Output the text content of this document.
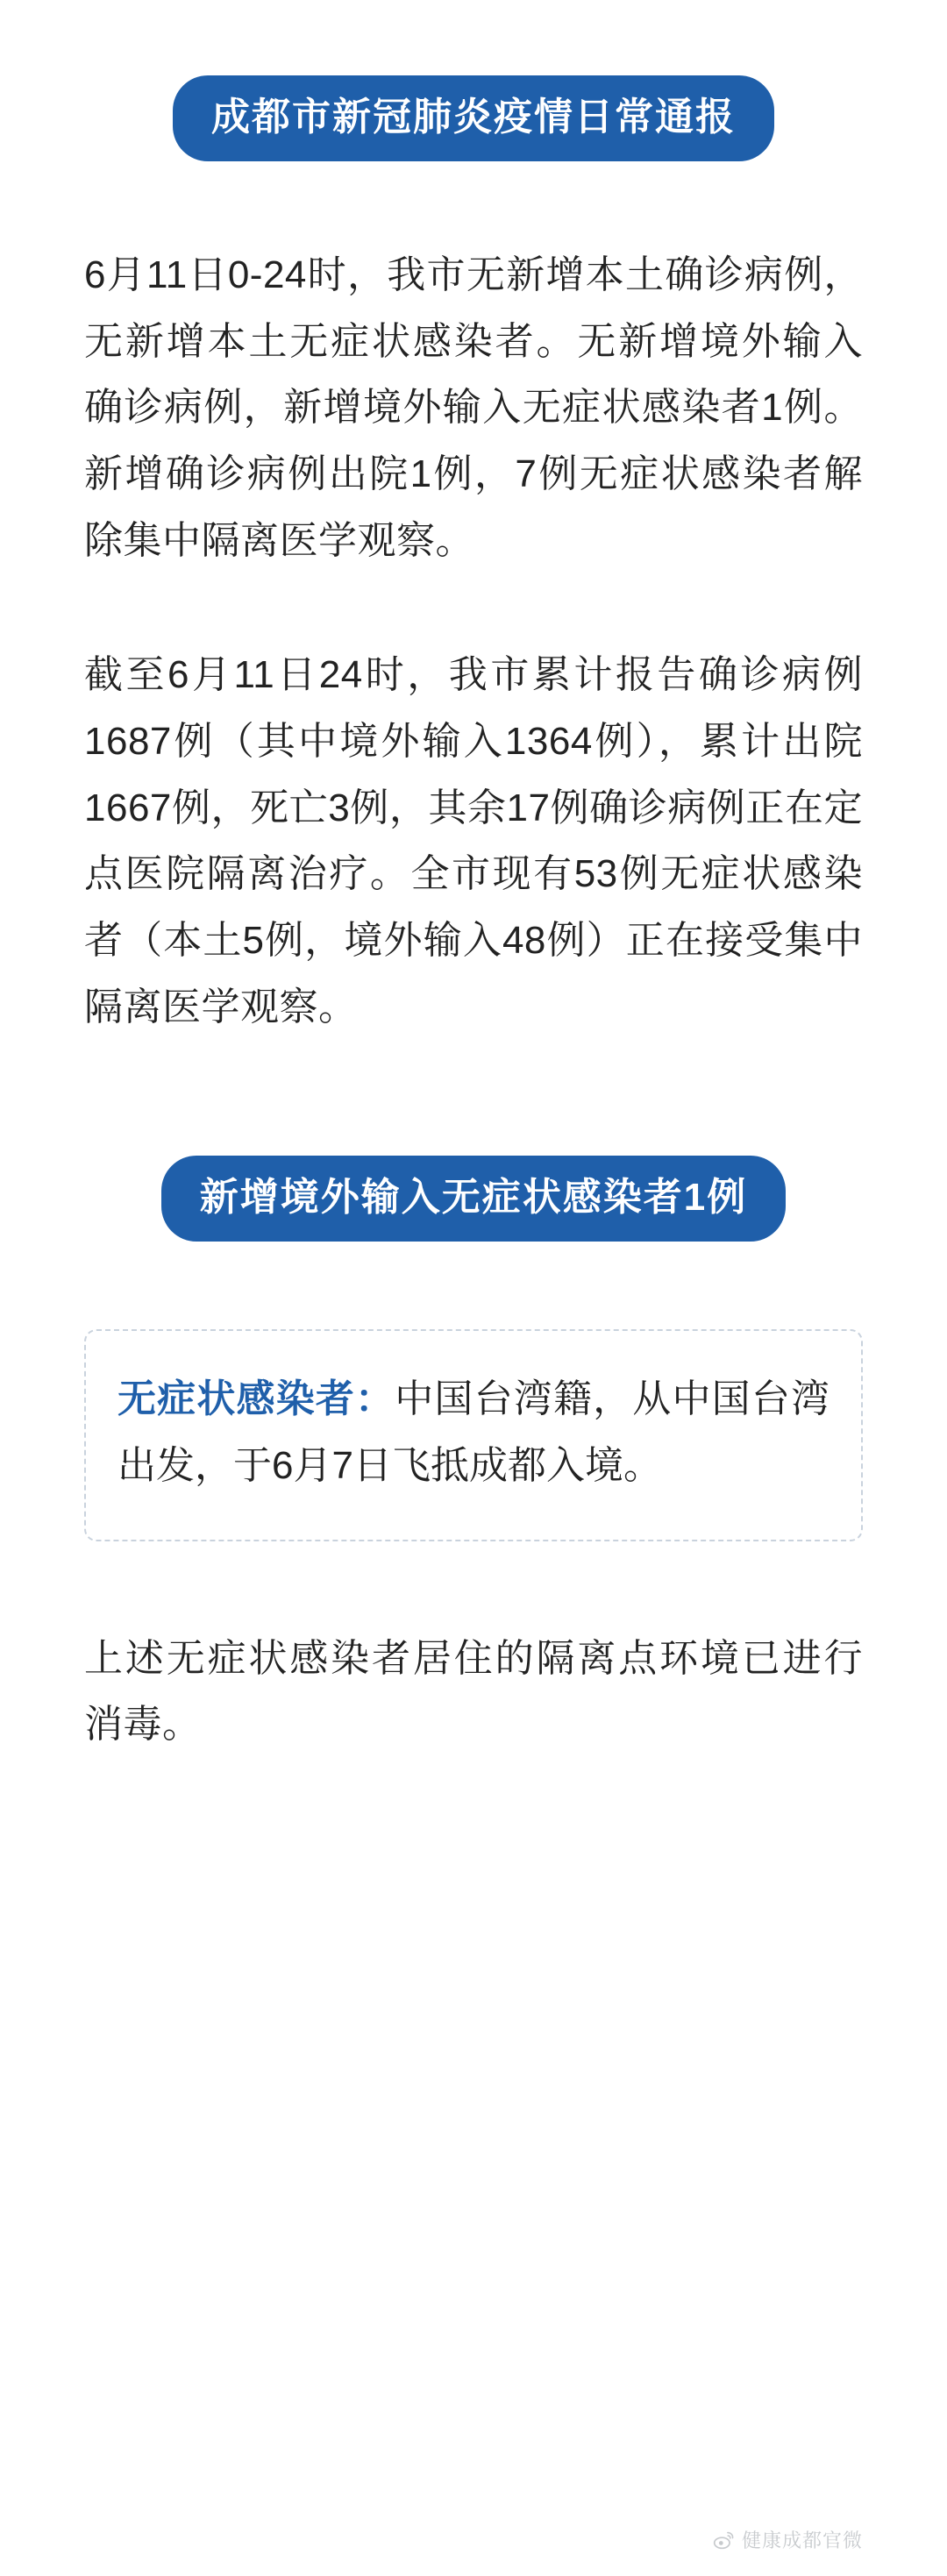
成都市新冠肺炎疫情日常通报

6月11日0-24时，我市无新增本土确诊病例，无新增本土无症状感染者。无新增境外输入确诊病例，新增境外输入无症状感染者1例。新增确诊病例出院1例，7例无症状感染者解除集中隔离医学观察。

截至6月11日24时，我市累计报告确诊病例1687例（其中境外输入1364例），累计出院1667例，死亡3例，其余17例确诊病例正在定点医院隔离治疗。全市现有53例无症状感染者（本土5例，境外输入48例）正在接受集中隔离医学观察。

新增境外输入无症状感染者1例
无症状感染者：中国台湾籍，从中国台湾出发，于6月7日飞抵成都入境。

上述无症状感染者居住的隔离点环境已进行消毒。

健康成都官微
